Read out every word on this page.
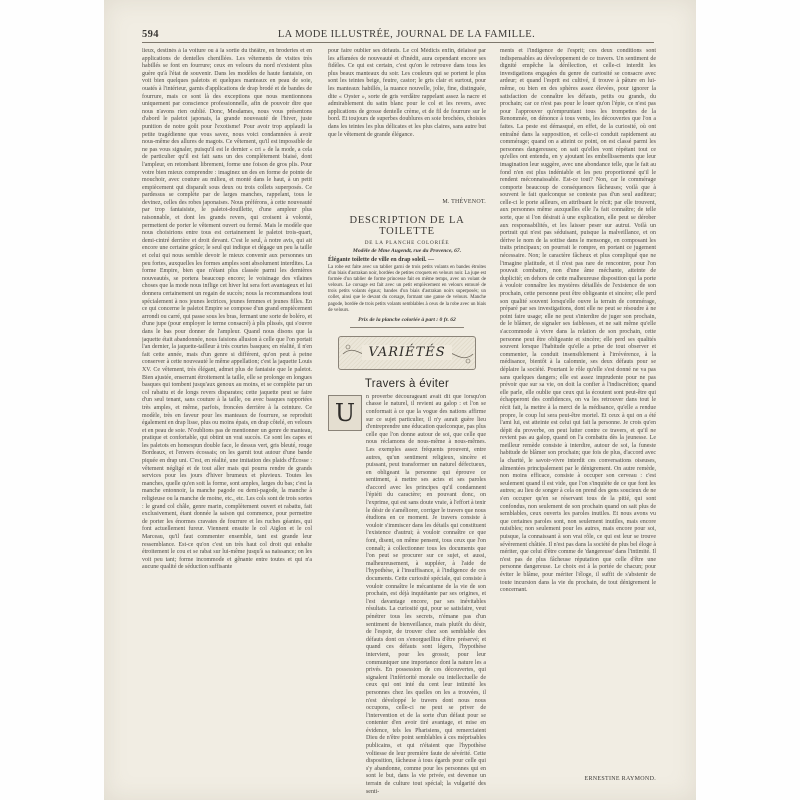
594	LA MODE ILLUSTRÉE, JOURNAL DE LA FAMILLE.
lieux, destinés à la voiture ou à la sortie du théâtre, en broderies et en applications de dentelles chenillées. Les vêtements de visites très habillés se font en fourrure; ceux en velours du nord n'existent plus guère qu'à l'état de souvenir. Dans les modèles de haute fantaisie, on voit bien quelques paletots et quelques manteaux en peau de soie, ouatés à l'intérieur, garnis d'applications de drap brodé et de bandes de fourrure, mais ce sont là des exceptions que nous mentionnons uniquement par conscience professionnelle, afin de pouvoir dire que nous n'avons rien oublié. Donc, Mesdames, nous vous présentons d'abord le paletot japonais, la grande nouveauté de l'hiver, juste punition de notre goût pour l'exotisme! Pour avoir trop applaudi la petite tragédienne que vous savez, nous voici condamnées à avoir nous-même des allures de magots. Ce vêtement, qu'il est impossible de ne pas vous signaler, puisqu'il est le dernier « cri » de la mode, a cela de particulier qu'il est fait sans un des complètement biaisé, dont l'ampleur, en retombant librement, forme une foison de gros plis. Pour votre bien mieux comprendre : imaginez un des en forme de pointe de mouchoir, avec couture au milieu, et monté dans le haut, à un petit empiècement qui disparaît sous deux ou trois collets superposés. Ce pardessus se complète par de larges manches, rappelant, tous le devinez, celles des robes japonaises. Nous préférons, à cette nouveauté par trop fantaisiste, le paletot-douillette, d'une ampleur plus raisonnable, et dont les grands revers, qui croisent à volonté, permettent de porter le vêtement ouvert ou fermé. Mais le modèle que nous choisirions entre tous est certainement le paletot trois-quart, demi-cintré derrière et droit devant. C'est le seul, à notre avis, qui ait encore une certaine grâce; le seul qui indique et dégage un peu la taille et celui qui nous semble devoir le mieux convenir aux personnes un peu fortes, auxquelles les formes amples sont absolument interdites. La forme Empire, bien que n'étant plus classée parmi les dernières nouveautés, se portera beaucoup encore; le voisinage des vilaines choses que la mode nous inflige cet hiver lui sera fort avantageux et lui donnera certainement un regain de succès; nous la recommandons tout spécialement à nos jeunes lectrices, jeunes femmes et jeunes filles. En ce qui concerne le paletot Empire se compose d'un grand empiècement arrondi ou carré, qui passe sous les bras, fermant une sorte de boléro, et d'une jupe (pour employer le terme consacré) à plis plissés, qui s'ouvre dans le bas pour donner de l'ampleur. Quand nous disons que la jaquette était abandonnée, nous faisions allusion à celle que l'on portait l'an dernier, la jaquette-tailleur à très courtes basques; en réalité, il n'en fait cette année, mais d'un genre si différent, qu'on peut à peine conserver à cette nouveauté le même appellation; c'est la jaquette Louis XV. Ce vêtement, très élégant, admet plus de fantaisie que le paletot. Bien ajustée, enserrant étroitement la taille, elle se prolonge en longues basques qui tombent jusqu'aux genoux au moins, et se complète par un col rabattu et de longs revers disparates; cette jaquette peut se faire d'un seul tenant, sans couture à la taille, ou avec basques rapportées très amples, et même, parfois, froncées derrière à la ceinture. Ce modèle, très en faveur pour les manteaux de fourrure, se reproduit également en drap lisse, plus ou moins épais, en drap côtelé, en velours et en peau de soie. N'oublions pas de mentionner un genre de manteau, pratique et confortable, qui obtint un vrai succès. Ce sont les capes et les paletots en homespun double face, le dessus vert, gris bleuté, rouge Bordeaux, et l'envers écossais; on les garnit tout autour d'une bande piquée en drap uni. C'est, en réalité, une imitation des plaids d'Écosse : vêtement négligé et de tout aller mais qui pourra rendre de grands services pour les jours d'hiver brumeux et pluvieux. Toutes les manches, quelle qu'en soit la forme, sont amples, larges du bas; c'est la manche entonnoir, la manche pagode ou demi-pagode, la manche à religieuse ou la manche de moine, etc., etc. Les cols sont de trois sortes : le grand col châle, genre marin, complètement ouvert et rabattu, fait exclusivement, étant donnée la saison qui commence, pour permettre de porter les énormes cravates de fourrure et les ruches géantes, qui font actuellement fureur. Viennent ensuite le col Aiglon et le col Marceau, qu'il faut commenter ensemble, tant est grande leur ressemblance. Est-ce qu'on c'est un très haut col droit qui enhalte étroitement le cou et se rabat sur lui-même jusqu'à sa naissance; on les voit peu tant; forme incommode et gênante entre toutes et qui n'a aucune qualité de séduction suffisante
pour faire oublier ses défauts. Le col Médicis enfin, délaissé par les affamées de nouveauté et d'inédit, aura cependant encore ses fidèles. Ce qui est certain, c'est qu'on le retrouve dans tous les plus beaux manteaux du soir. Les couleurs qui se portent le plus sont les teintes beige, feutre, castor; le gris clair et surtout, pour les manteaux habillés, la nuance nouvelle, jolie, fine, distinguée, dite « Oyster », sorte de gris verdâtre rappelant assez la nacre et admirablement du satin blanc pour le col et les revers, avec applications de grosse dentelle crème, et de fil de fourrure sur le bord. Et toujours de superbes doublures en soie brochées, choisies dans les teintes les plus délicates et les plus claires, sans autre but que le vêtement de grande élégance.
M. THÉVENOT.
DESCRIPTION DE LA TOILETTE
DE LA PLANCHE COLORIÉE
Modèle de Mme Augendt, rue du Provence, 67.
Élégante toilette de ville en drap soleil. —
La robe est faite avec un tablier garni de trois petits volants en bandes étroites d'un biais d'astrakan noir, bordées de petites croquets en velours noir. La jupe est formée d'un tablier de forme princesse fait en même temps, avec un volant de velours. Le corsage est fait avec un petit empiècement en velours entouré de trois petits volants égaux; bandes d'un biais d'astrakan noirs superposés; un collet, ainsi que le devant du corsage, formant une ganse de velours. Manche pagode, bordée de trois petits volants semblables à ceux de la robe avec un biais de velours.
Prix de la planche coloriée à part : 0 fr. 62
VARIÉTÉS
Travers à éviter
U
n proverbe décourageant avait dit que lorsqu'on chasse le naturel, il revient au galop : et l'on se conformait à ce que la vogue des nations affirme sur ce sujet particulier, il n'y aurait guère lieu d'entreprendre une éducation quelconque, pas plus celle que l'on donne autour de soi, que celle que nous réclamons de nous-même à nous-mêmes. Les exemples assez fréquents prouvent, entre autres, qu'un sentiment religieux, sincère et puissant, peut transformer un naturel défectueux, en obligeant la personne qui éprouve ce sentiment, à mettre ses actes et ses paroles d'accord avec les principes qu'il condamnent l'épiéti du caractère; en pouvant donc, on l'exprime, qui est sans doute vraie, à l'effort à tenir le désir de s'améliorer, corriger le travers que nous étudions en ce moment. Je travers consiste à vouloir s'immiscer dans les détails qui constituent l'existence d'autrui; à vouloir connaître ce que font, disent, on même pensent, tous ceux que l'on connaît; à collectionner tous les documents que l'on peut se procurer sur ce sujet, et aussi, malheureusement, à suppléer, à l'aide de l'hypothèse, à l'insuffisance, à l'indigence de ces documents. Cette curiosité spéciale, qui consiste à vouloir connaître le mécanisme de la vie de son prochain, est déjà inquiétante par ses origines, et l'est davantage encore, par ses inévitables résultats. La curiosité qui, pour se satisfaire, veut pénétrer tous les secrets, n'émane pas d'un sentiment de bienveillance, mais plutôt du désir, de l'espoir, de trouver chez son semblable des défauts dont on s'enorgueillira d'être préservé; et quand ces défauts sont légers, l'hypothèse intervient, pour les grossir, pour leur communiquer une importance dont la nature les a privés. En possession de ces découvertes, qui signalent l'infériorité morale ou intellectuelle de ceux qui ont inté du cent leur intimité les personnes chez les quelles on les a trouvées, il n'est développé le travers dont nous nous occupons, celle-ci ne peut se priver de l'intervention et de la sorte d'un défaut pour se contenter d'en avoir tiré avantage, et mise en évidence, tels les Pharisiens, qui remerciaient Dieu de n'être point semblables à ces méprisables publicains, et qui n'étaient que l'hypothèse voltiesse de leur première faute de sévérité. Cette disposition, fâcheuse à tous égards pour celle qui s'y abandonne, comme pour les personnes qui en sont le but, dans la vie privée, est devenue un terrain de culture tout spécial; la vulgarité des senti-
ments et l'indigence de l'esprit; ces deux conditions sont indispensables au développement de ce travers. Un sentiment de dignité empêche la dérélection, et celle-ci interdit les investigations engagées du genre de curiosité se consacre avec ardeur; et quand l'esprit est cultivé, il trouve à pâture en lui-même, ou bien en des sphères assez élevées, pour ignorer la satisfaction de connaître les défauts, petits ou grands, du prochain; car ce n'est pas pour le louer qu'on l'épie, ce n'est pas pour l'approuver qu'empruntant tous les trompettes de la Renommée, on dénonce à tous vents, les découvertes que l'on a faites. La peste est démasqué, en effet, de la curiosité, où ont entraîné dans la supposition, et celle-ci conduit rapidement au commérage; quand on a atteint ce point, on est classé parmi les personnes dangereuses; on sait qu'elles vont répétant tout ce qu'elles ont entendu, en y ajoutant les embellissements que leur imagination leur suggère, avec une abondance telle, que le fait au fond n'en est plus indéniable et les peu proportionné qu'il le rendent méconnaissable. Est-ce tout? Non, car le commérage comporte beaucoup de conséquences fâcheuses; voilà que à souvent le fait quelconque se conteste pas d'un seul auditeur; celle-ci le porte ailleurs, en attribuant le récit; par elle trouvent, aux personnes même auxquelles elle l'a fait connaître; de telle sorte, que si l'on désirait à une explication, elle peut se dérober aux responsabilités, et les laisser peser sur autrui. Voilà un portrait qui n'est pas séduisant, puisque la malveillance, et on dérive le nom de la sottise dans le mensonge, en composant les traits principaux; on pourrait le rompre, en portant ce jugement nécessaire. Non; le caractère fâcheux et plus compliqué que ne l'imagine platitude, et il n'est pas rare de rencontrer, pour l'on pouvait combattre, non d'une âme méchante, atteinte de duplicité; en dehors de cette malheureuse disposition qui la porte à vouloir connaître les mystères détaillés de l'existence de son prochain, cette personne peut être obligeante et sincère; elle perd son qualité souvent lorsqu'elle ouvre la terrain de commérage, préparé par ses investigations, dont elle ne peut se résoudre à ne point faire usage; elle ne peut s'interdire de juger son prochain, de le blâmer, de signaler ses faiblesses, et ne sait même qu'elle s'accommode à vivre dans la relation de son prochain, cette personne peut être obligeante et sincère; elle perd ses qualités souvent lorsque l'habitude qu'elle a prise de tout observer et commenter, la conduit insensiblement à l'irrévérence, à la médisance, bientôt à la calomnie, ses deux défauts pour se déplaire la société. Pourtant le rôle qu'elle s'est donné ne va pas sans quelques dangers; elle est assez imprudente pour ne pas prévoir que sur sa vie, on doit la confier à l'indiscrétion; quand elle parle, elle oublie que ceux qui la écoutent sont peut-être qui échapperont des confidences, on va les retrouver dans tout le récit fait, la mettre à la merci de la médisance, qu'elle a rendue propre, le coup lui sera peut-être mortel. Et ceux à qui on a été l'ami lui, est atteinte est celui qui fait la personne. Je crois qu'en dépit du proverbe, on peut lutter contre ce travers, et qu'il ne revient pas au galop, quand on l'a combattu dès la jeunesse. Le meilleur remède consiste à interdire, autour de soi, la funeste habitude de blâmer son prochain; que fois de plus, d'accord avec la charité, le savoir-vivre interdit ces conversations oiseuses, alimentées principalement par le dénigrement. On autre remède, non moins efficace, consiste à occuper son cerveau : c'est seulement quand il est vide, que l'on s'inquiète de ce que font les autres; au lieu de songer à cela on prend des gens soucieux de ne s'en occuper qu'en se réservant tous de la pitié, qui sont confondus, non seulement de son prochain quand on sait plus de semblables, ceux ouverts les paroles inutiles. Et nous avons vu que certaines paroles sont, non seulement inutiles, mais encore nuisibles; non seulement pour les autres, mais encore pour soi, puisque, la connaissant à son vrai rôle, ce qui est leur se trouve sévèrement châtiée. Il n'est pas dans la société de plus bel éloge à mériter, que celui d'être comme de 'dangereuse' dans l'intimité. Il n'est pas de plus fâcheuse réputation que celle d'être une personne dangereuse. Le choix est à la portée de chacun; pour éviter le blâme, pour mériter l'éloge, il suffit de s'abstenir de toute incursion dans la vie du prochain, de tout dénigrement le concernant.
ERNESTINE RAYMOND.
